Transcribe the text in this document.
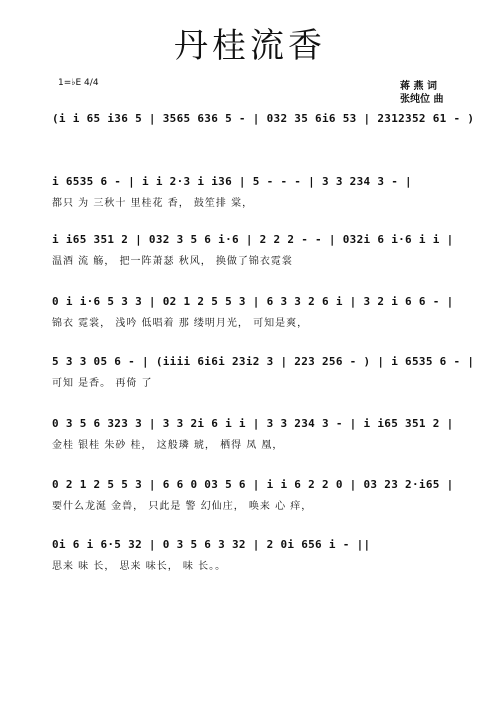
丹桂流香
1=♭E 4/4	蒋 燕 词
张纯位 曲
(i i 65 i36 5 | 3565 636 5 - | 032 35 6i6 53 | 2312352 61 - )
i 6535 6 - | i i 2·3 i i36 | 5 - - - | 3 3 234 3 - |
都只 为 三秋十 里桂花 香， 鼓笙排 棠，
i i65 351 2 | 032 3 5 6 i·6 | 2 2 2 - - | 032i 6 i·6 i i |
温酒 流 觞， 把一阵萧瑟 秋风， 换做了锦衣霓裳
0 i i·6 5 3 3 | 02 1 2 5 5 3 | 6 3 3 2 6 i | 3 2 i 6 6 - |
锦衣 霓裳， 浅吟 低唱着 那 缕明月光， 可知是爽，
5 3 3 05 6 - | (iiii 6i6i 23i2 3 | 223 256 - ) | i 6535 6 - |
可知 是香。 再倚 了
0 3 5 6 323 3 | 3 3 2i 6 i i | 3 3 234 3 - | i i65 351 2 |
金桂 银桂 朱砂 桂， 这般璘 琥， 栖得 凤 凰，
0 2 1 2 5 5 3 | 6 6 0 03 5 6 | i i 6 2 2 0 | 03 23 2·i65 |
要什么龙涎 金兽， 只此是 警 幻仙庄， 唤来 心 痒，
0i 6 i 6·5 32 | 0 3 5 6 3 32 | 2 0i 656 i - ||
思来 味 长， 思来 味长， 味 长。。
